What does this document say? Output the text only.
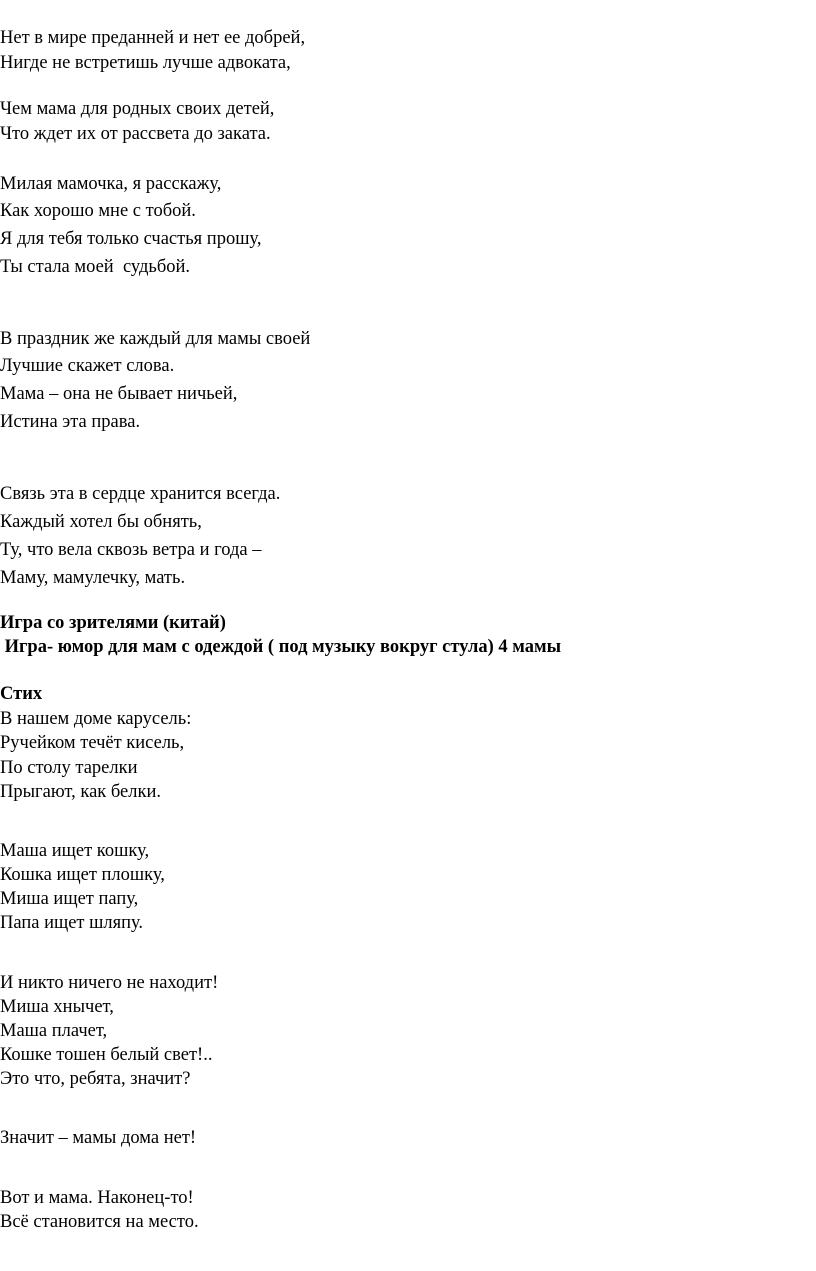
Нет в мире преданней и нет ее добрей,
Нигде не встретишь лучше адвоката,
Чем мама для родных своих детей,
Что ждет их от рассвета до заката.
Милая мамочка, я расскажу,
Как хорошо мне с тобой.
Я для тебя только счастья прошу,
Ты стала моей  судьбой.
В праздник же каждый для мамы своей
Лучшие скажет слова.
Мама – она не бывает ничьей,
Истина эта права.
Связь эта в сердце хранится всегда.
Каждый хотел бы обнять,
Ту, что вела сквозь ветра и года –
Маму, мамулечку, мать.
Игра со зрителями (китай)
Игра- юмор для мам с одеждой ( под музыку вокруг стула) 4 мамы
Стих
В нашем доме карусель:
Ручейком течёт кисель,
По столу тарелки
Прыгают, как белки.
Маша ищет кошку,
Кошка ищет плошку,
Миша ищет папу,
Папа ищет шляпу.
И никто ничего не находит!
Миша хнычет,
Маша плачет,
Кошке тошен белый свет!..
Это что, ребята, значит?
Значит – мамы дома нет!
Вот и мама. Наконец-то!
Всё становится на место.
